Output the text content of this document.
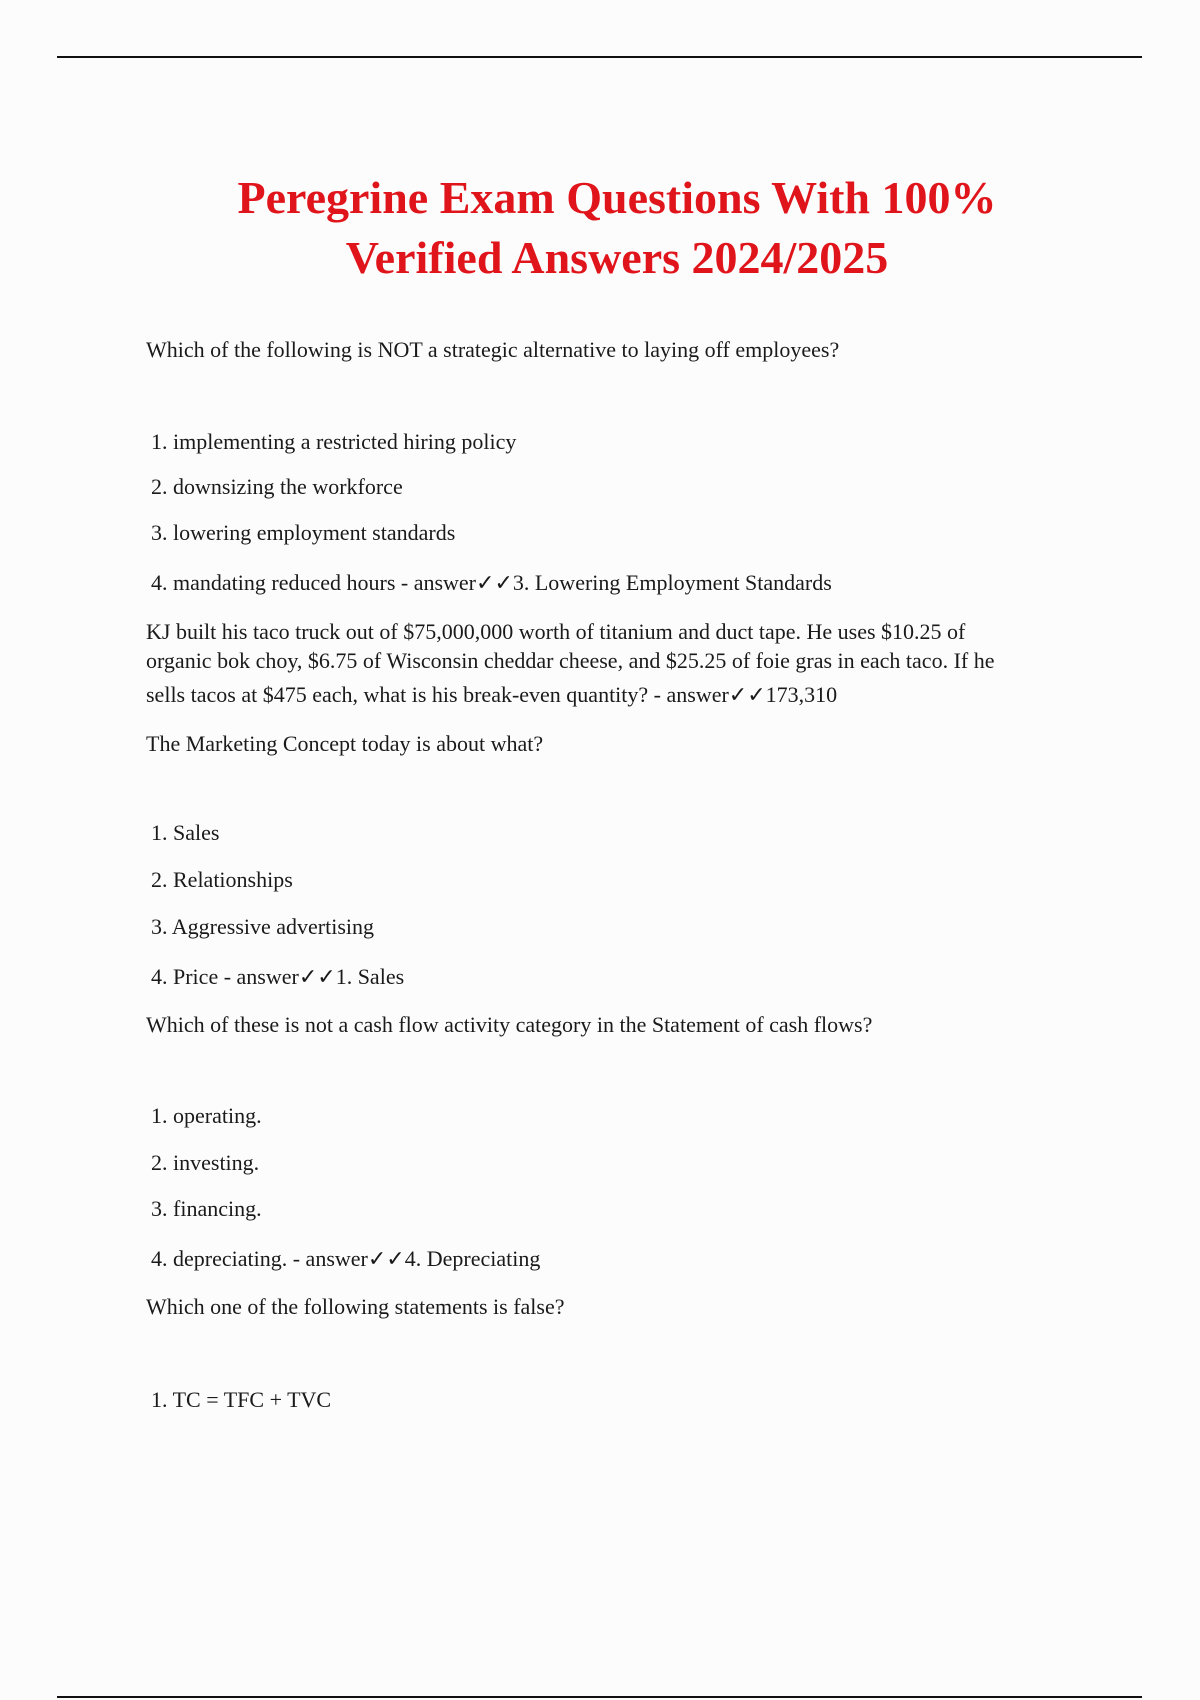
Peregrine Exam Questions With 100%
Verified Answers 2024/2025
Which of the following is NOT a strategic alternative to laying off employees?
1. implementing a restricted hiring policy
2. downsizing the workforce
3. lowering employment standards
4. mandating reduced hours - answer✓✓3. Lowering Employment Standards
KJ built his taco truck out of $75,000,000 worth of titanium and duct tape. He uses $10.25 of
organic bok choy, $6.75 of Wisconsin cheddar cheese, and $25.25 of foie gras in each taco. If he
sells tacos at $475 each, what is his break-even quantity? - answer✓✓173,310
The Marketing Concept today is about what?
1. Sales
2. Relationships
3. Aggressive advertising
4. Price - answer✓✓1. Sales
Which of these is not a cash flow activity category in the Statement of cash flows?
1. operating.
2. investing.
3. financing.
4. depreciating. - answer✓✓4. Depreciating
Which one of the following statements is false?
1. TC = TFC + TVC
